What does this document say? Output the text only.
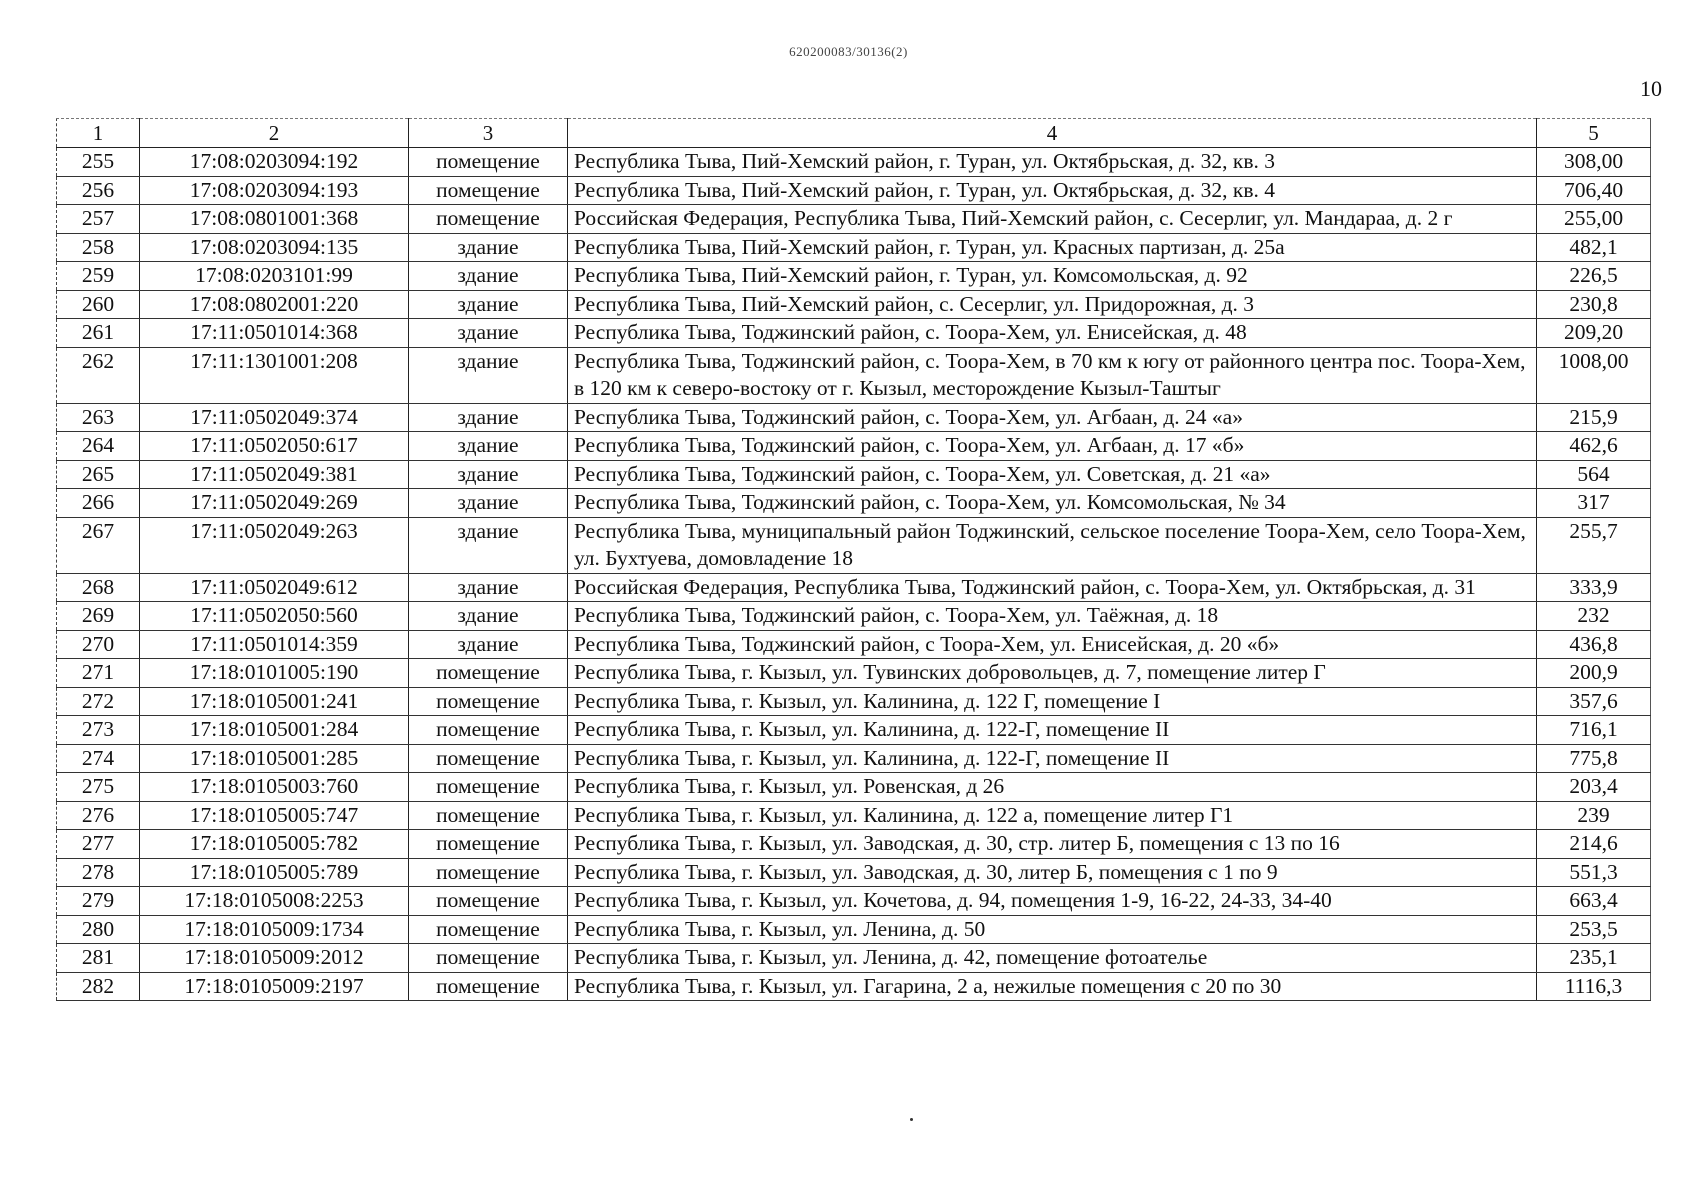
620200083/30136(2)
10
1	2	3	4	5
255	17:08:0203094:192	помещение	Республика Тыва, Пий-Хемский район, г. Туран, ул. Октябрьская, д. 32, кв. 3	308,00
256	17:08:0203094:193	помещение	Республика Тыва, Пий-Хемский район, г. Туран, ул. Октябрьская, д. 32, кв. 4	706,40
257	17:08:0801001:368	помещение	Российская Федерация, Республика Тыва, Пий-Хемский район, с. Сесерлиг, ул. Мандараа, д. 2 г	255,00
258	17:08:0203094:135	здание	Республика Тыва, Пий-Хемский район, г. Туран, ул. Красных партизан, д. 25а	482,1
259	17:08:0203101:99	здание	Республика Тыва, Пий-Хемский район, г. Туран, ул. Комсомольская, д. 92	226,5
260	17:08:0802001:220	здание	Республика Тыва, Пий-Хемский район, с. Сесерлиг, ул. Придорожная, д. 3	230,8
261	17:11:0501014:368	здание	Республика Тыва, Тоджинский район, с. Тоора-Хем, ул. Енисейская, д. 48	209,20
262	17:11:1301001:208	здание	Республика Тыва, Тоджинский район, с. Тоора-Хем, в 70 км к югу от районного центра пос. Тоора-Хем, в 120 км к северо-востоку от г. Кызыл, месторождение Кызыл-Таштыг	1008,00
263	17:11:0502049:374	здание	Республика Тыва, Тоджинский район, с. Тоора-Хем, ул. Агбаан, д. 24 «а»	215,9
264	17:11:0502050:617	здание	Республика Тыва, Тоджинский район, с. Тоора-Хем, ул. Агбаан, д. 17 «б»	462,6
265	17:11:0502049:381	здание	Республика Тыва, Тоджинский район, с. Тоора-Хем, ул. Советская, д. 21 «а»	564
266	17:11:0502049:269	здание	Республика Тыва, Тоджинский район, с. Тоора-Хем, ул. Комсомольская, № 34	317
267	17:11:0502049:263	здание	Республика Тыва, муниципальный район Тоджинский, сельское поселение Тоора-Хем, село Тоора-Хем, ул. Бухтуева, домовладение 18	255,7
268	17:11:0502049:612	здание	Российская Федерация, Республика Тыва, Тоджинский район, с. Тоора-Хем, ул. Октябрьская, д. 31	333,9
269	17:11:0502050:560	здание	Республика Тыва, Тоджинский район, с. Тоора-Хем, ул. Таёжная, д. 18	232
270	17:11:0501014:359	здание	Республика Тыва, Тоджинский район, с Тоора-Хем, ул. Енисейская, д. 20 «б»	436,8
271	17:18:0101005:190	помещение	Республика Тыва, г. Кызыл, ул. Тувинских добровольцев, д. 7, помещение литер Г	200,9
272	17:18:0105001:241	помещение	Республика Тыва, г. Кызыл, ул. Калинина, д. 122 Г, помещение I	357,6
273	17:18:0105001:284	помещение	Республика Тыва, г. Кызыл, ул. Калинина, д. 122-Г, помещение II	716,1
274	17:18:0105001:285	помещение	Республика Тыва, г. Кызыл, ул. Калинина, д. 122-Г, помещение II	775,8
275	17:18:0105003:760	помещение	Республика Тыва, г. Кызыл, ул. Ровенская, д 26	203,4
276	17:18:0105005:747	помещение	Республика Тыва, г. Кызыл, ул. Калинина, д. 122 а, помещение литер Г1	239
277	17:18:0105005:782	помещение	Республика Тыва, г. Кызыл, ул. Заводская, д. 30, стр. литер Б, помещения с 13 по 16	214,6
278	17:18:0105005:789	помещение	Республика Тыва, г. Кызыл, ул. Заводская, д. 30, литер Б, помещения с 1 по 9	551,3
279	17:18:0105008:2253	помещение	Республика Тыва, г. Кызыл, ул. Кочетова, д. 94, помещения 1-9, 16-22, 24-33, 34-40	663,4
280	17:18:0105009:1734	помещение	Республика Тыва, г. Кызыл, ул. Ленина, д. 50	253,5
281	17:18:0105009:2012	помещение	Республика Тыва, г. Кызыл, ул. Ленина, д. 42, помещение фотоателье	235,1
282	17:18:0105009:2197	помещение	Республика Тыва, г. Кызыл, ул. Гагарина, 2 а, нежилые помещения с 20 по 30	1116,3
